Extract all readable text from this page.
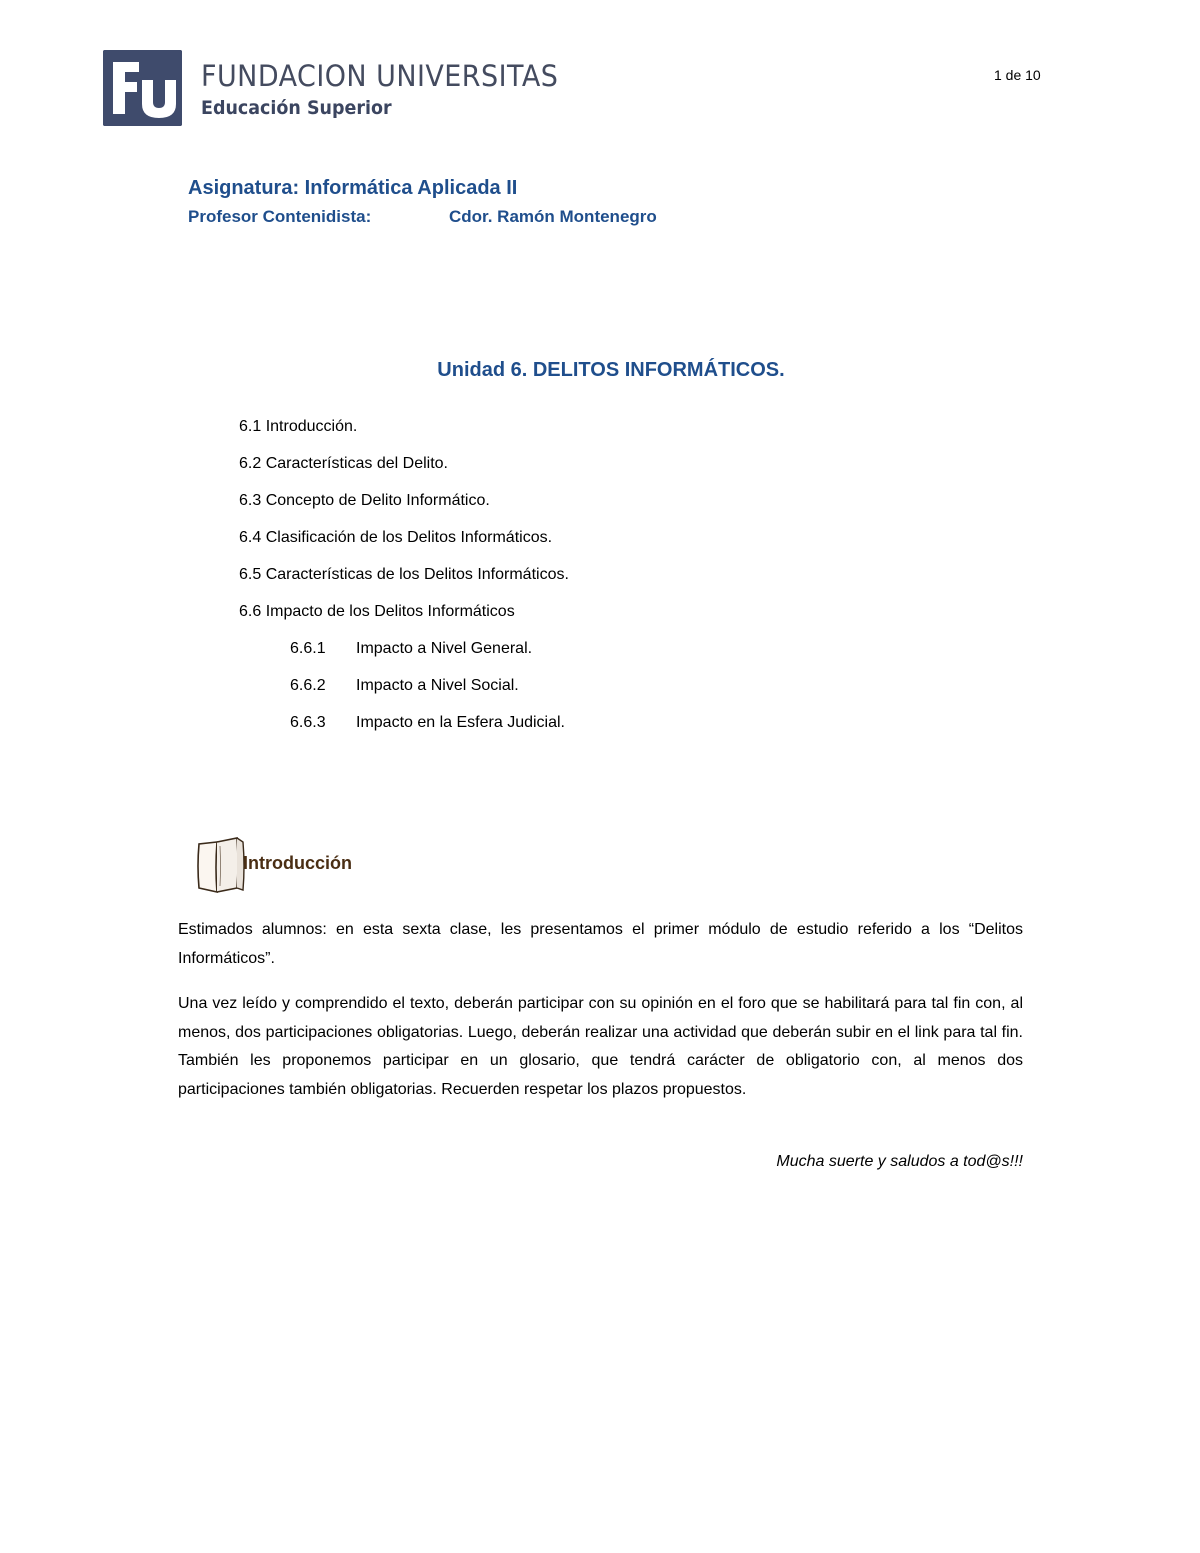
FUNDACION UNIVERSITAS
Educación Superior
1 de 10
Asignatura: Informática Aplicada II
Profesor Contenidista:	Cdor. Ramón Montenegro
Unidad 6. DELITOS INFORMÁTICOS.
6.1 Introducción.
6.2 Características del Delito.
6.3 Concepto de Delito Informático.
6.4 Clasificación de los Delitos Informáticos.
6.5 Características de los Delitos Informáticos.
6.6 Impacto de los Delitos Informáticos
6.6.1 Impacto a Nivel General.
6.6.2 Impacto a Nivel Social.
6.6.3 Impacto en la Esfera Judicial.
Introducción

Estimados alumnos: en esta sexta clase, les presentamos el primer módulo de estudio referido a los “Delitos Informáticos”.

Una vez leído y comprendido el texto, deberán participar con su opinión en el foro que se habilitará para tal fin con, al menos, dos participaciones obligatorias. Luego, deberán realizar una actividad que deberán subir en el link para tal fin. También les proponemos participar en un glosario, que tendrá carácter de obligatorio con, al menos dos participaciones también obligatorias. Recuerden respetar los plazos propuestos.

Mucha suerte y saludos a tod@s!!!
